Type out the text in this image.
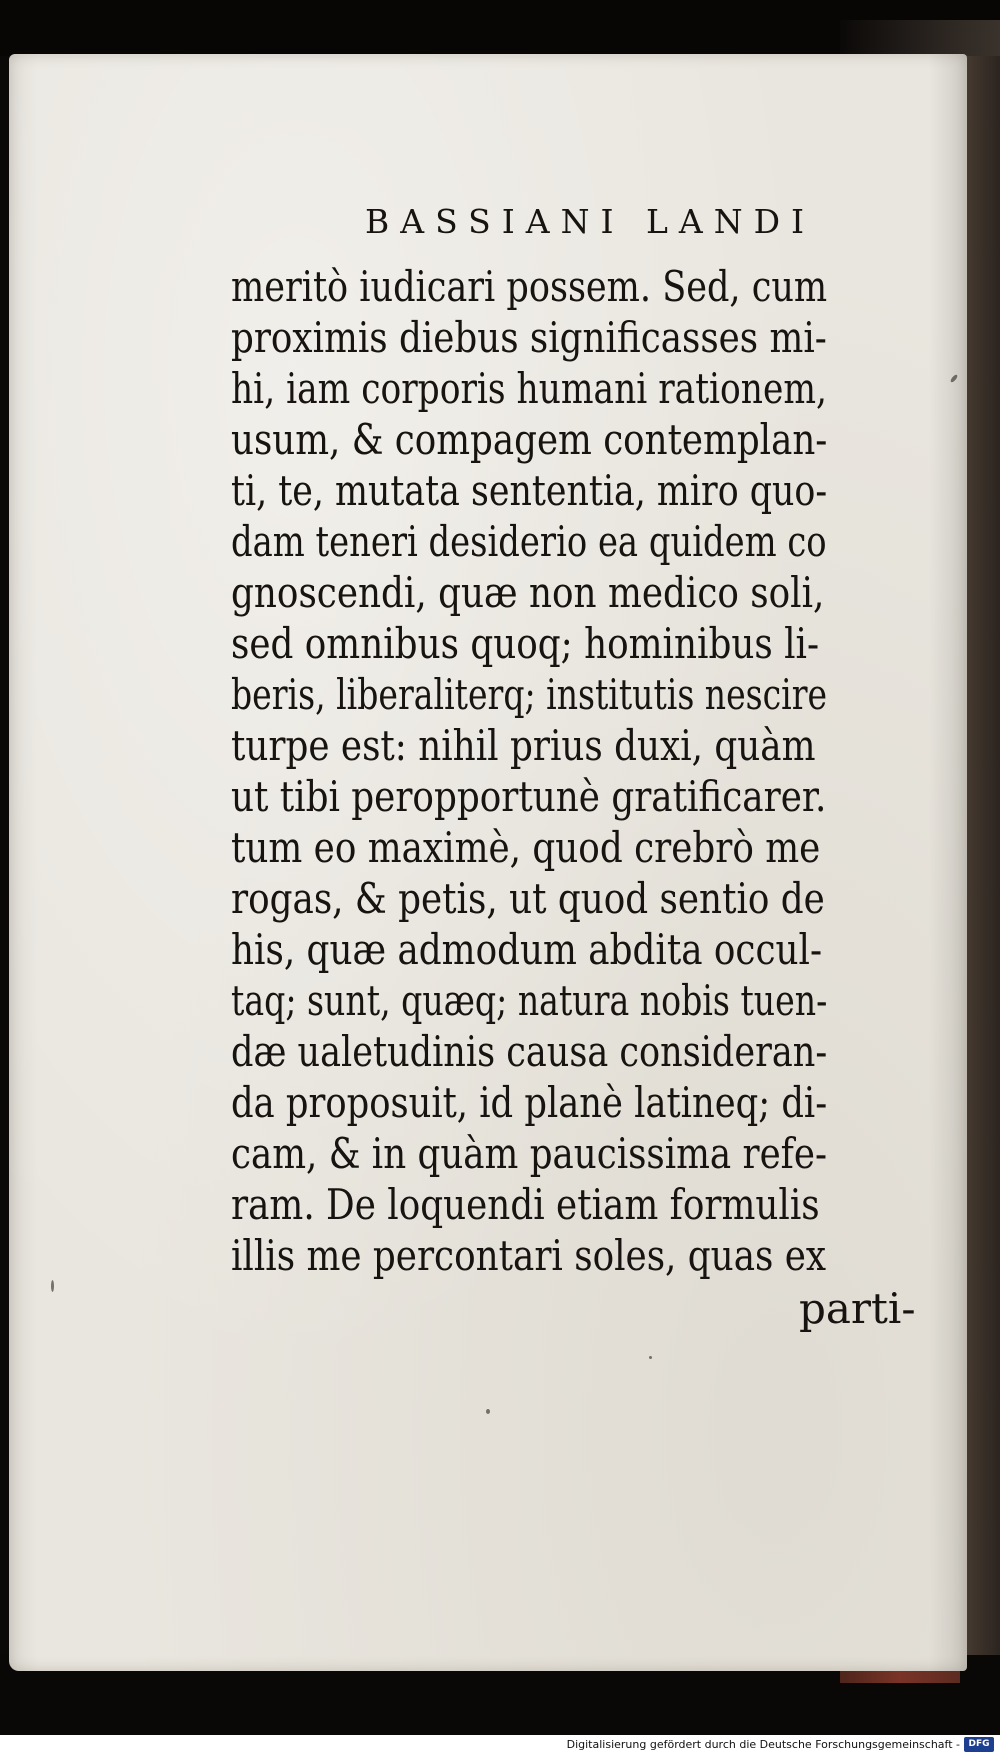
BASSIANI LANDI
meritò iudicari possem. Sed, cum
proximis diebus significasses mi-
hi, iam corporis humani rationem,
usum, & compagem contemplan-
ti, te, mutata sententia, miro quo-
dam teneri desiderio ea quidem co
gnoscendi, quæ non medico soli,
sed omnibus quoq; hominibus li-
beris, liberaliterq; institutis nescire
turpe est: nihil prius duxi, quàm
ut tibi peropportunè gratificarer.
tum eo maximè, quod crebrò me
rogas, & petis, ut quod sentio de
his, quæ admodum abdita occul-
taq; sunt, quæq; natura nobis tuen-
dæ ualetudinis causa consideran-
da proposuit, id planè latineq; di-
cam, & in quàm paucissima refe-
ram. De loquendi etiam formulis
illis me percontari soles, quas ex
parti-
Digitalisierung gefördert durch die Deutsche Forschungsgemeinschaft - DFG
